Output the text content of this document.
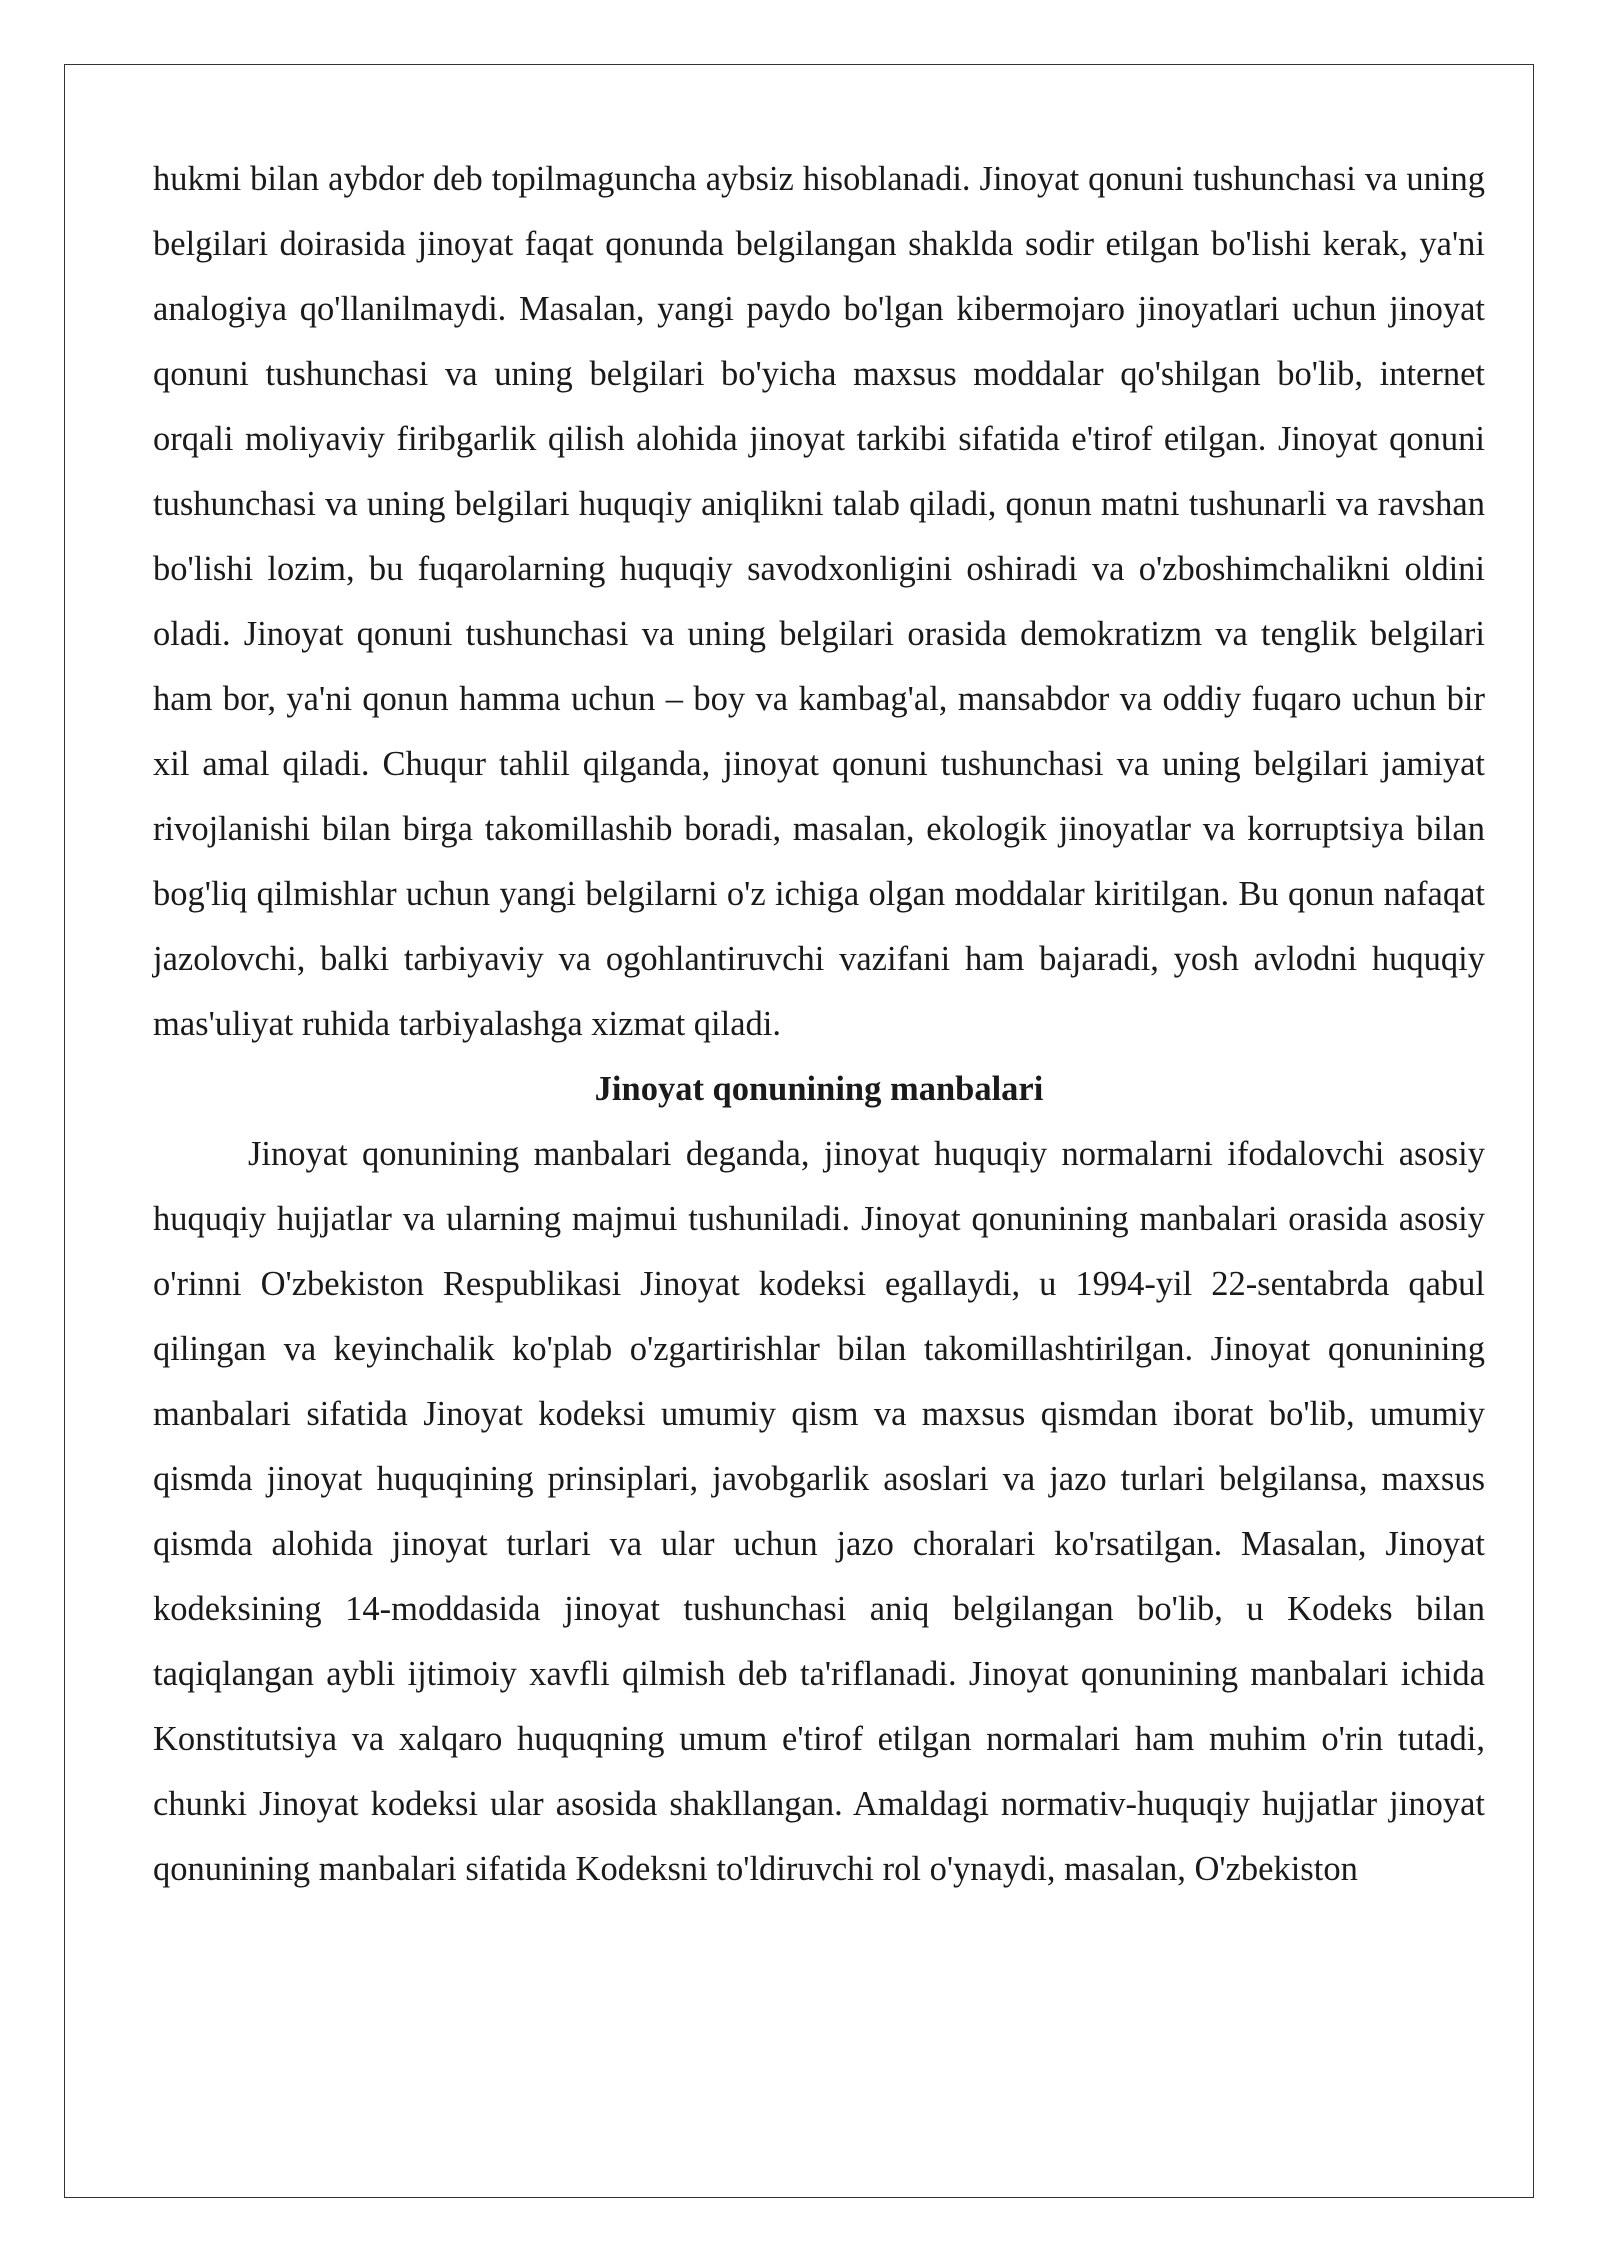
hukmi bilan aybdor deb topilmaguncha aybsiz hisoblanadi. Jinoyat qonuni tushunchasi va uning belgilari doirasida jinoyat faqat qonunda belgilangan shaklda sodir etilgan bo'lishi kerak, ya'ni analogiya qo'llanilmaydi. Masalan, yangi paydo bo'lgan kibermojaro jinoyatlari uchun jinoyat qonuni tushunchasi va uning belgilari bo'yicha maxsus moddalar qo'shilgan bo'lib, internet orqali moliyaviy firibgarlik qilish alohida jinoyat tarkibi sifatida e'tirof etilgan. Jinoyat qonuni tushunchasi va uning belgilari huquqiy aniqlikni talab qiladi, qonun matni tushunarli va ravshan bo'lishi lozim, bu fuqarolarning huquqiy savodxonligini oshiradi va o'zboshimchalikni oldini oladi. Jinoyat qonuni tushunchasi va uning belgilari orasida demokratizm va tenglik belgilari ham bor, ya'ni qonun hamma uchun – boy va kambag'al, mansabdor va oddiy fuqaro uchun bir xil amal qiladi. Chuqur tahlil qilganda, jinoyat qonuni tushunchasi va uning belgilari jamiyat rivojlanishi bilan birga takomillashib boradi, masalan, ekologik jinoyatlar va korruptsiya bilan bog'liq qilmishlar uchun yangi belgilarni o'z ichiga olgan moddalar kiritilgan. Bu qonun nafaqat jazolovchi, balki tarbiyaviy va ogohlantiruvchi vazifani ham bajaradi, yosh avlodni huquqiy mas'uliyat ruhida tarbiyalashga xizmat qiladi.

Jinoyat qonunining manbalari

Jinoyat qonunining manbalari deganda, jinoyat huquqiy normalarni ifodalovchi asosiy huquqiy hujjatlar va ularning majmui tushuniladi. Jinoyat qonunining manbalari orasida asosiy o'rinni O'zbekiston Respublikasi Jinoyat kodeksi egallaydi, u 1994-yil 22-sentabrda qabul qilingan va keyinchalik ko'plab o'zgartirishlar bilan takomillashtirilgan. Jinoyat qonunining manbalari sifatida Jinoyat kodeksi umumiy qism va maxsus qismdan iborat bo'lib, umumiy qismda jinoyat huquqining prinsiplari, javobgarlik asoslari va jazo turlari belgilansa, maxsus qismda alohida jinoyat turlari va ular uchun jazo choralari ko'rsatilgan. Masalan, Jinoyat kodeksining 14-moddasida jinoyat tushunchasi aniq belgilangan bo'lib, u Kodeks bilan taqiqlangan aybli ijtimoiy xavfli qilmish deb ta'riflanadi. Jinoyat qonunining manbalari ichida Konstitutsiya va xalqaro huquqning umum e'tirof etilgan normalari ham muhim o'rin tutadi, chunki Jinoyat kodeksi ular asosida shakllangan. Amaldagi normativ-huquqiy hujjatlar jinoyat qonunining manbalari sifatida Kodeksni to'ldiruvchi rol o'ynaydi, masalan, O'zbekiston
